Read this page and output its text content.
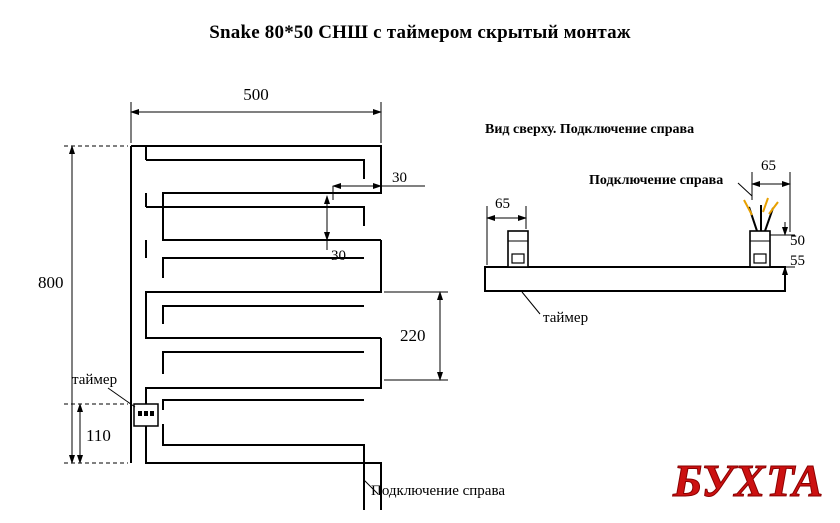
Snake 80*50 СНШ с таймером скрытый монтаж
500
800
30
30
220
110
таймер
Подключение справа
Вид сверху. Подключение справа
65
65
50
55
Подключение справа
таймер
БУХТА
